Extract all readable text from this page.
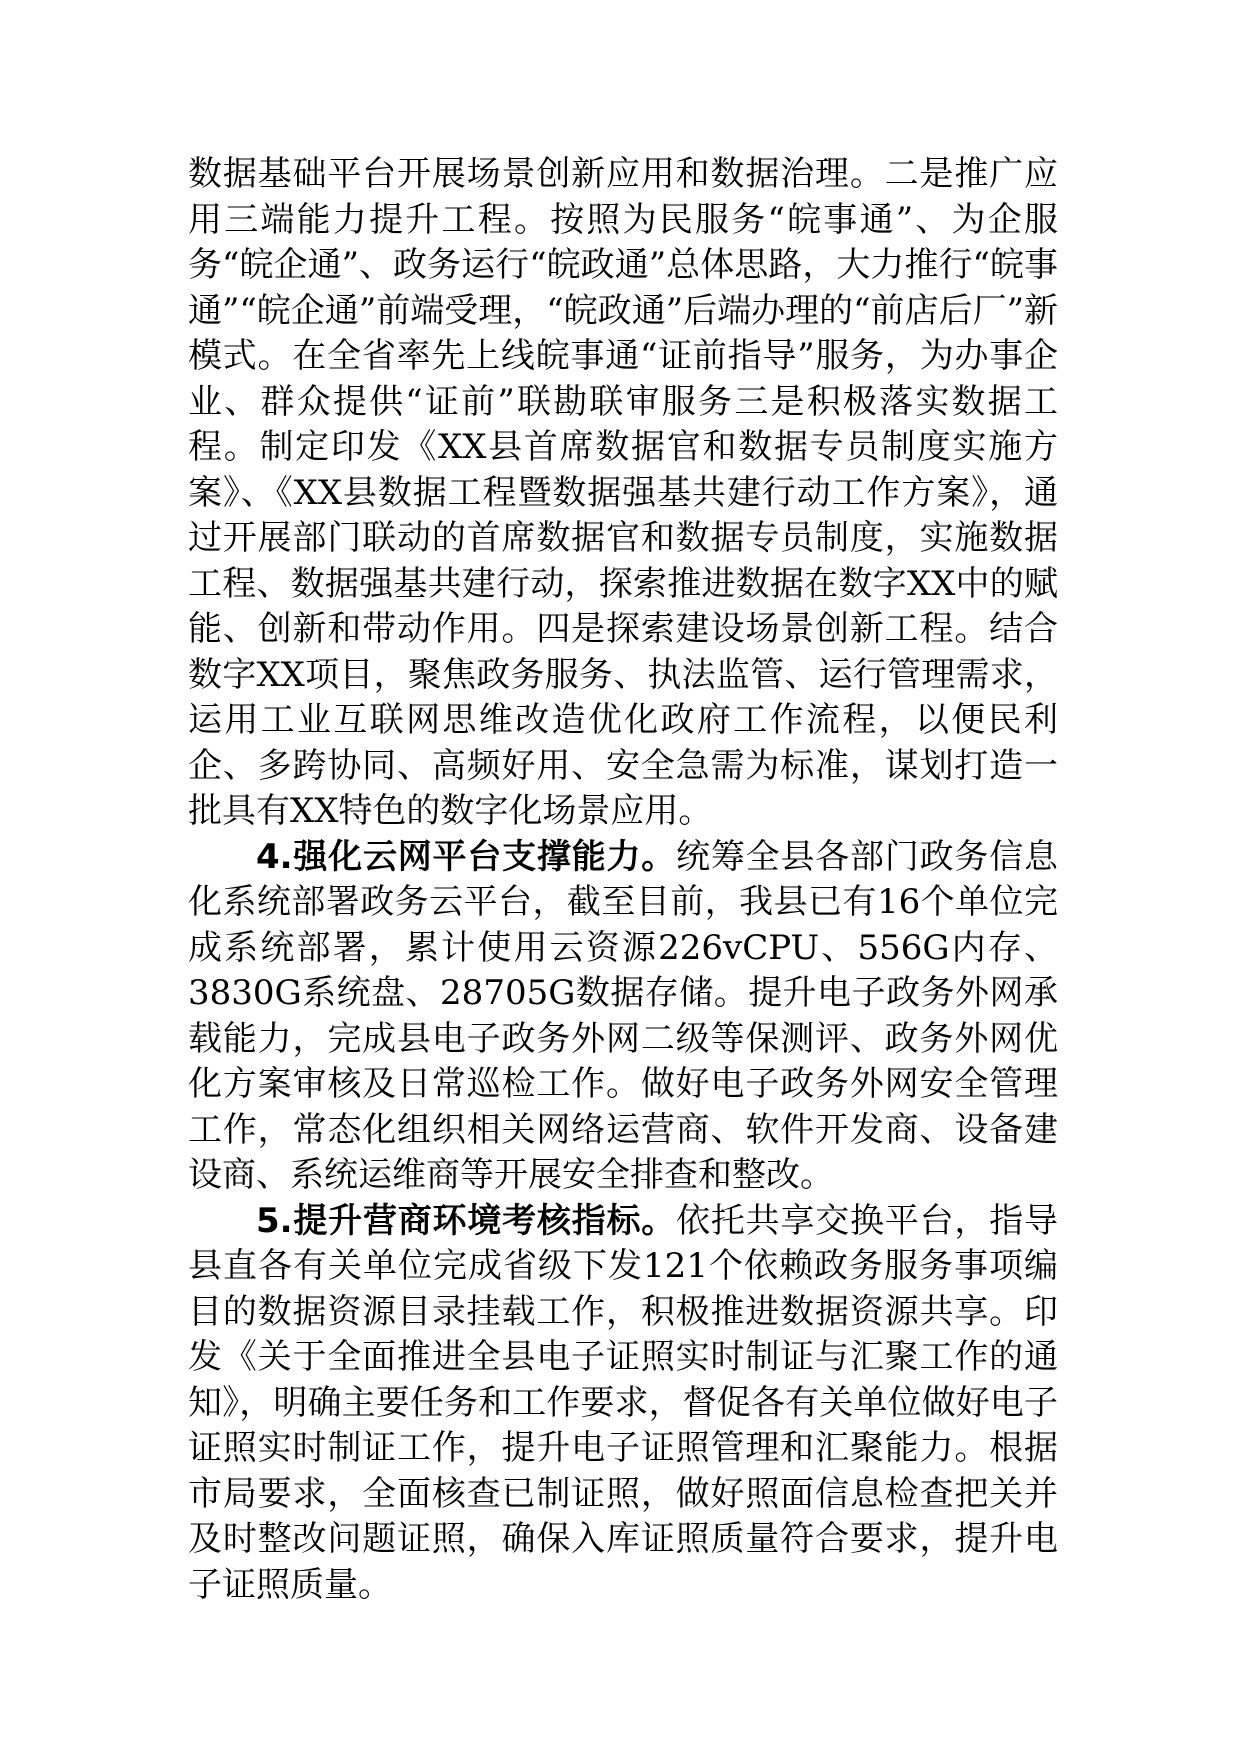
数据基础平台开展场景创新应用和数据治理。二是推广应用三端能力提升工程。按照为民服务“皖事通”、为企服务“皖企通”、政务运行“皖政通”总体思路，大力推行“皖事通”“皖企通”前端受理，“皖政通”后端办理的“前店后厂”新模式。在全省率先上线皖事通“证前指导”服务，为办事企业、群众提供“证前”联勘联审服务三是积极落实数据工程。制定印发《XX县首席数据官和数据专员制度实施方案》、《XX县数据工程暨数据强基共建行动工作方案》，通过开展部门联动的首席数据官和数据专员制度，实施数据工程、数据强基共建行动，探索推进数据在数字XX中的赋能、创新和带动作用。四是探索建设场景创新工程。结合数字XX项目，聚焦政务服务、执法监管、运行管理需求，运用工业互联网思维改造优化政府工作流程，以便民利企、多跨协同、高频好用、安全急需为标准，谋划打造一批具有XX特色的数字化场景应用。

4.强化云网平台支撑能力。统筹全县各部门政务信息化系统部署政务云平台，截至目前，我县已有16个单位完成系统部署，累计使用云资源226vCPU、556G内存、3830G系统盘、28705G数据存储。提升电子政务外网承载能力，完成县电子政务外网二级等保测评、政务外网优化方案审核及日常巡检工作。做好电子政务外网安全管理工作，常态化组织相关网络运营商、软件开发商、设备建设商、系统运维商等开展安全排查和整改。

5.提升营商环境考核指标。依托共享交换平台，指导县直各有关单位完成省级下发121个依赖政务服务事项编目的数据资源目录挂载工作，积极推进数据资源共享。印发《关于全面推进全县电子证照实时制证与汇聚工作的通知》，明确主要任务和工作要求，督促各有关单位做好电子证照实时制证工作，提升电子证照管理和汇聚能力。根据市局要求，全面核查已制证照，做好照面信息检查把关并及时整改问题证照，确保入库证照质量符合要求，提升电子证照质量。
